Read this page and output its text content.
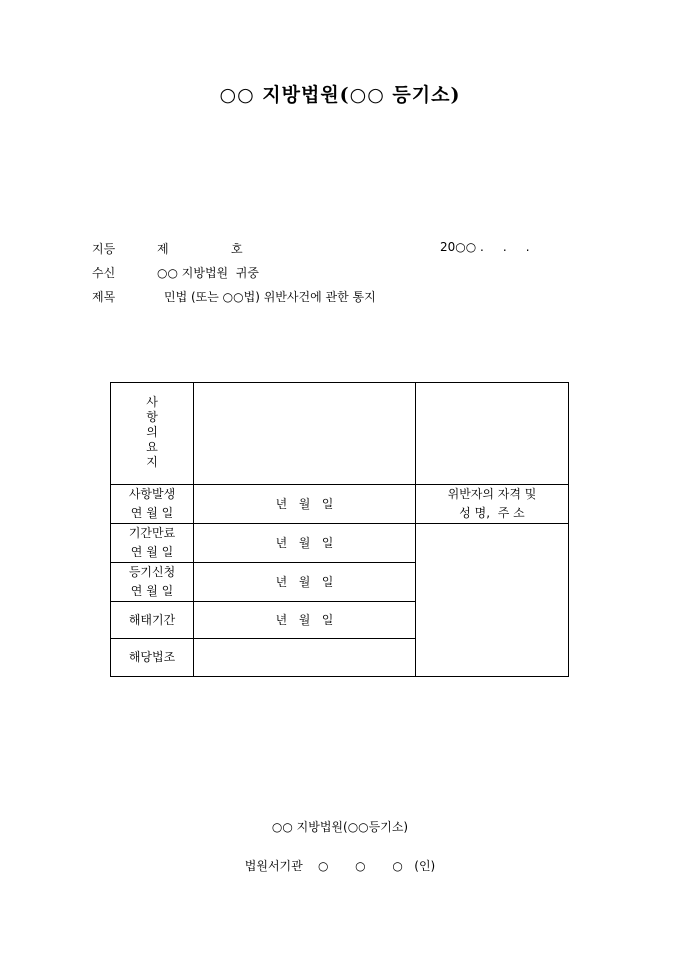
○○ 지방법원(○○ 등기소)
지등	제	호	20○○ .     .     .
수신	○○ 지방법원  귀중
제목	민법 (또는 ○○법) 위반사건에 관한 통지
사항의요지		

사항발생
연 월 일	년   월   일	위반자의 자격 및
성 명,  주 소

기간만료
연 월 일	년   월   일	

등기신청
연 월 일	년   월   일	
해태기간	년   월   일	
해당법조		
○○ 지방법원(○○등기소)
법원서기관    ○       ○       ○   (인)
